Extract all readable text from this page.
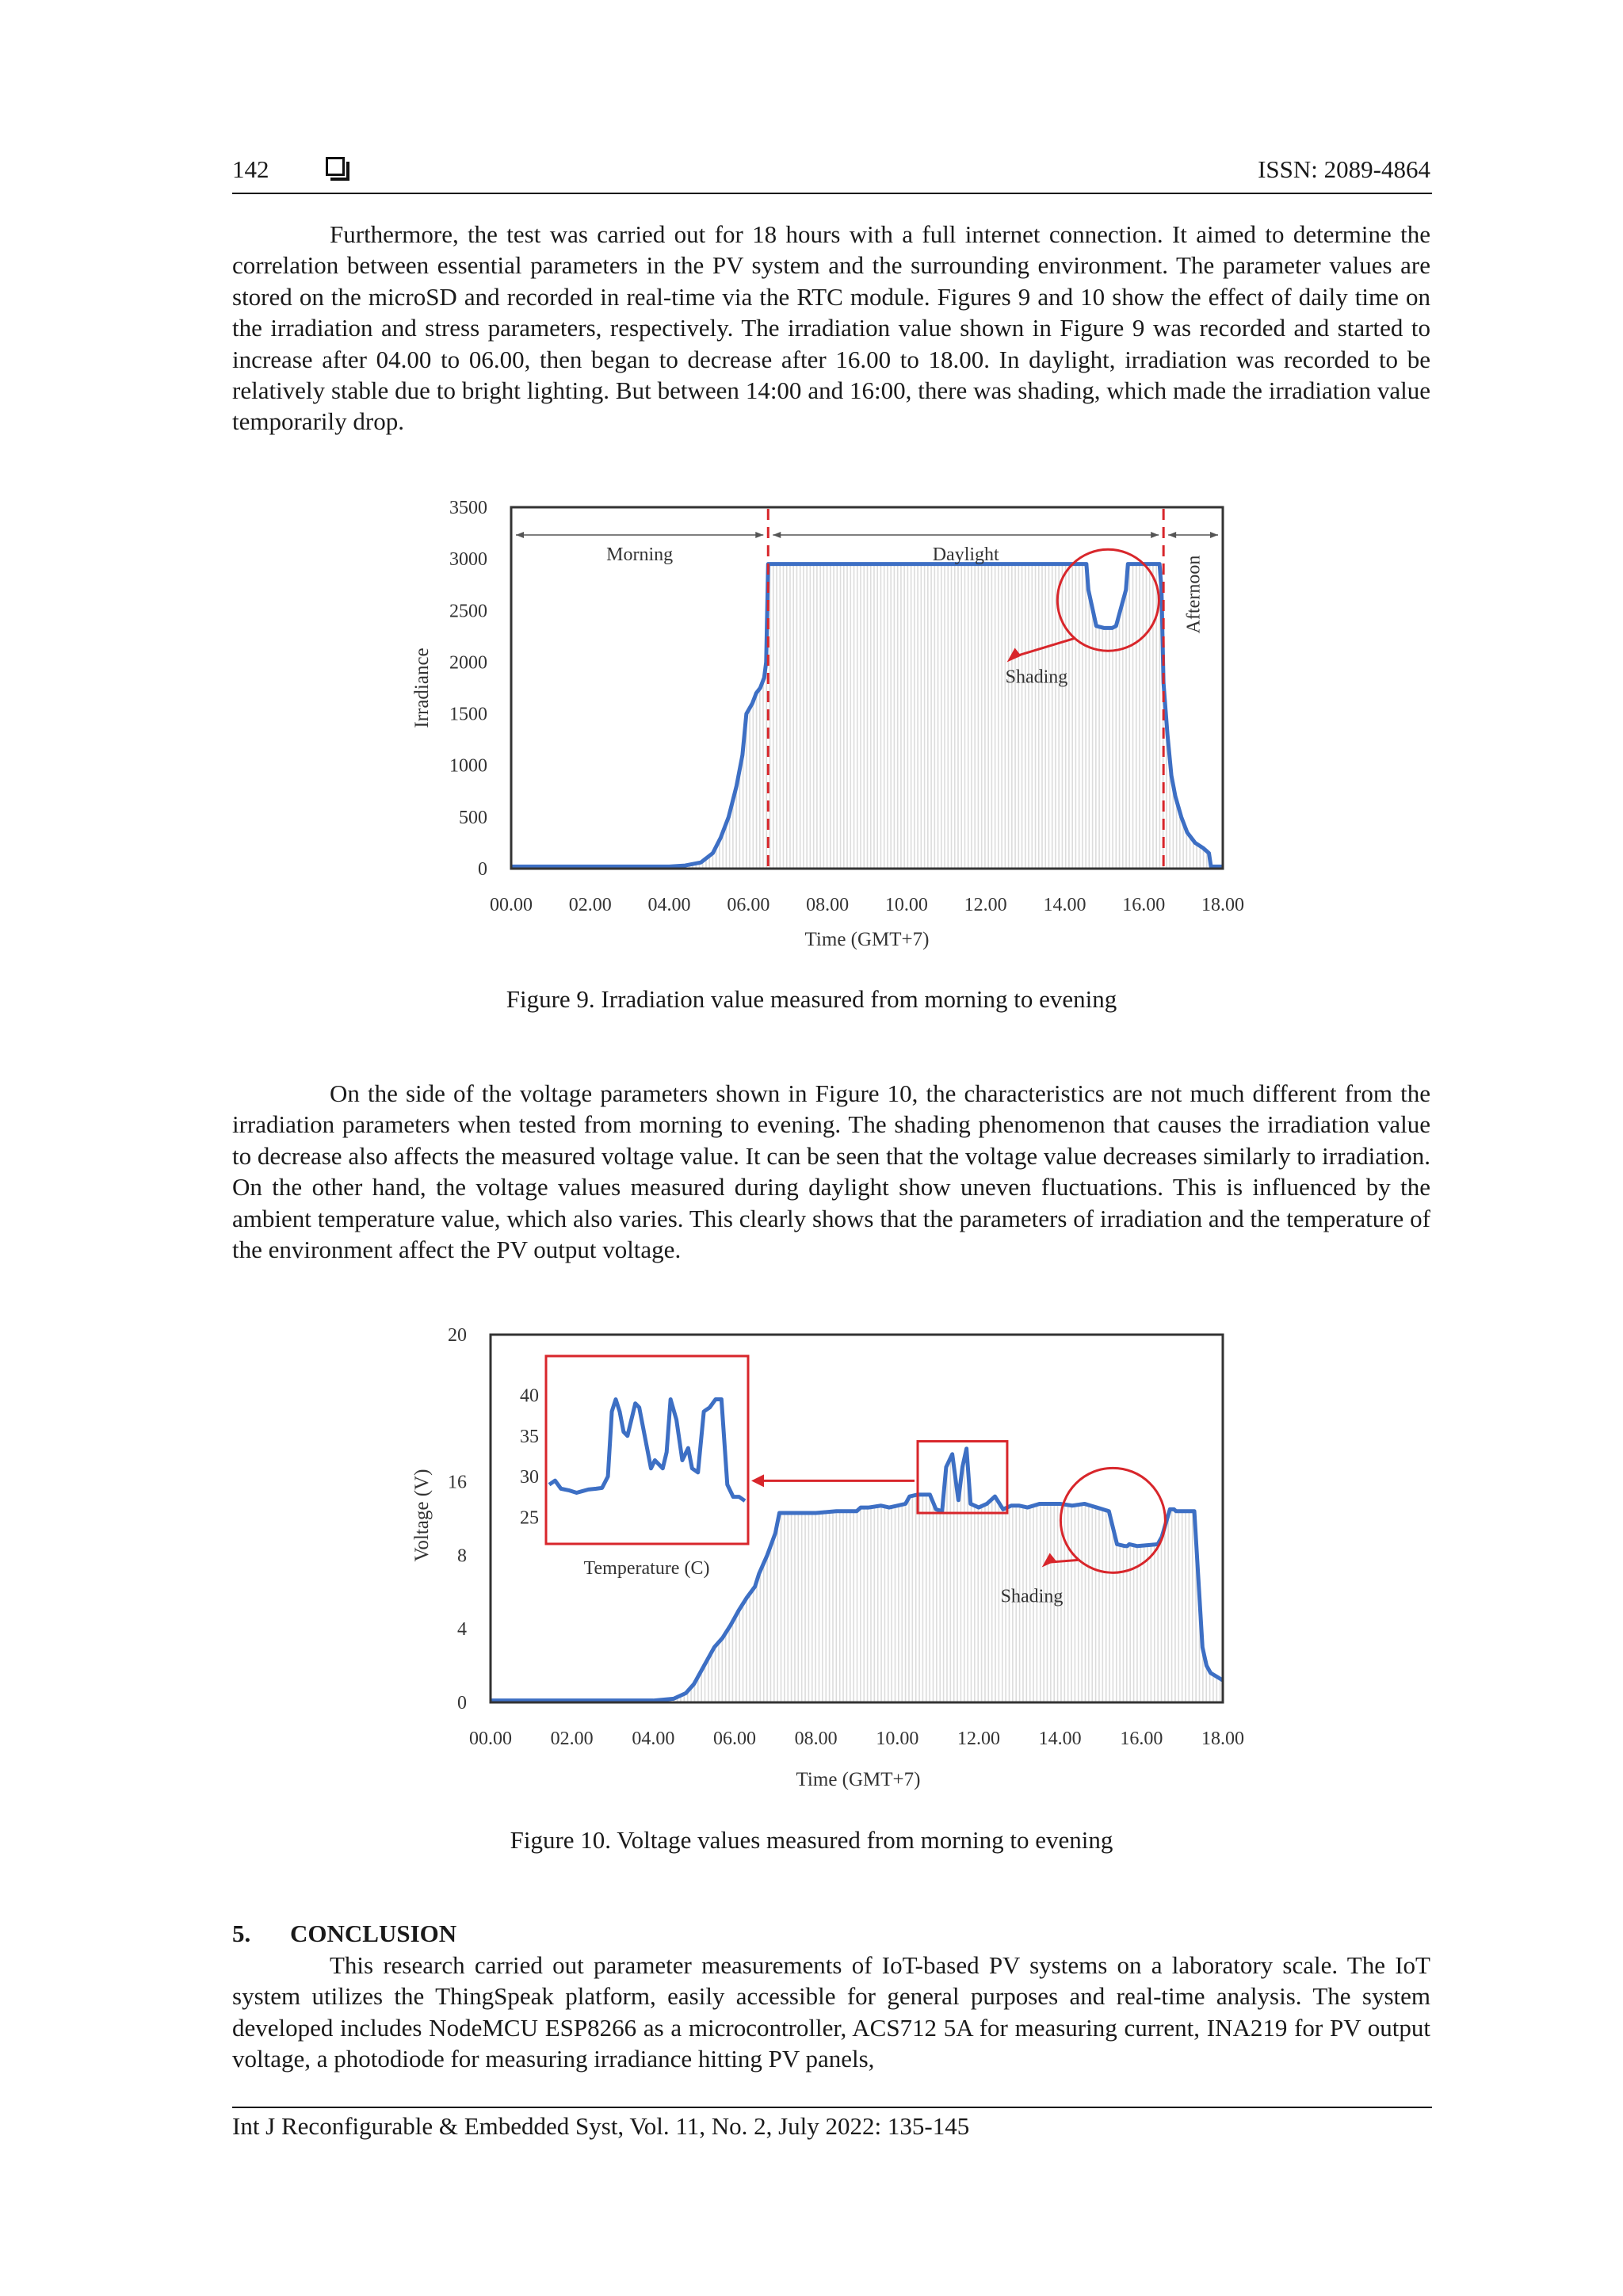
142	ISSN: 2089-4864

Furthermore, the test was carried out for 18 hours with a full internet connection. It aimed to determine the correlation between essential parameters in the PV system and the surrounding environment. The parameter values are stored on the microSD and recorded in real-time via the RTC module. Figures 9 and 10 show the effect of daily time on the irradiation and stress parameters, respectively. The irradiation value shown in Figure 9 was recorded and started to increase after 04.00 to 06.00, then began to decrease after 16.00 to 18.00. In daylight, irradiation was recorded to be relatively stable due to bright lighting. But between 14:00 and 16:00, there was shading, which made the irradiation value temporarily drop.

0
500
1000
1500
2000
2500
3000
3500
00.00 02.00 04.00 06.00 08.00 10.00 12.00 14.00 16.00 18.00
Morning	Daylight
Afternoon
Shading
Irradiance
Time (GMT+7)
Figure 9. Irradiation value measured from morning to evening

On the side of the voltage parameters shown in Figure 10, the characteristics are not much different from the irradiation parameters when tested from morning to evening. The shading phenomenon that causes the irradiation value to decrease also affects the measured voltage value. It can be seen that the voltage value decreases similarly to irradiation. On the other hand, the voltage values measured during daylight show uneven fluctuations. This is influenced by the ambient temperature value, which also varies. This clearly shows that the parameters of irradiation and the temperature of the environment affect the PV output voltage.

0
4
8
16
20
00.00 02.00 04.00 06.00 08.00 10.00 12.00 14.00 16.00 18.00
25
30
35
40
Temperature (C)
Shading
Voltage (V)
Time (GMT+7)
Figure 10. Voltage values measured from morning to evening
5. CONCLUSION

This research carried out parameter measurements of IoT-based PV systems on a laboratory scale. The IoT system utilizes the ThingSpeak platform, easily accessible for general purposes and real-time analysis. The system developed includes NodeMCU ESP8266 as a microcontroller, ACS712 5A for measuring current, INA219 for PV output voltage, a photodiode for measuring irradiance hitting PV panels,

Int J Reconfigurable & Embedded Syst, Vol. 11, No. 2, July 2022: 135-145
